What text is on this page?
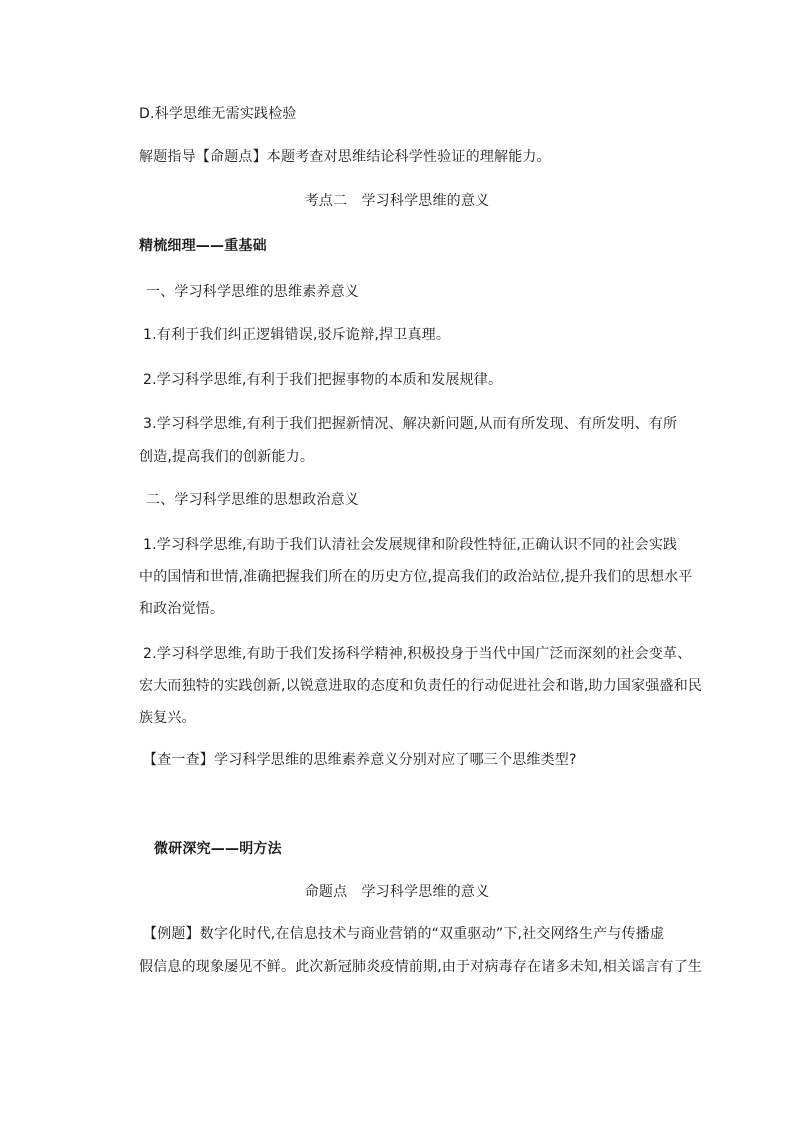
D.科学思维无需实践检验
解题指导【命题点】本题考查对思维结论科学性验证的理解能力。
考点二　学习科学思维的意义
精梳细理——重基础
一、学习科学思维的思维素养意义
1.有利于我们纠正逻辑错误,驳斥诡辩,捍卫真理。
2.学习科学思维,有利于我们把握事物的本质和发展规律。
3.学习科学思维,有利于我们把握新情况、解决新问题,从而有所发现、有所发明、有所
创造,提高我们的创新能力。
二、学习科学思维的思想政治意义
1.学习科学思维,有助于我们认清社会发展规律和阶段性特征,正确认识不同的社会实践
中的国情和世情,准确把握我们所在的历史方位,提高我们的政治站位,提升我们的思想水平
和政治觉悟。
2.学习科学思维,有助于我们发扬科学精神,积极投身于当代中国广泛而深刻的社会变革、
宏大而独特的实践创新,以锐意进取的态度和负责任的行动促进社会和谐,助力国家强盛和民
族复兴。
【查一查】学习科学思维的思维素养意义分别对应了哪三个思维类型?
微研深究——明方法
命题点　学习科学思维的意义
【例题】数字化时代,在信息技术与商业营销的“双重驱动”下,社交网络生产与传播虚
假信息的现象屡见不鲜。此次新冠肺炎疫情前期,由于对病毒存在诸多未知,相关谣言有了生
